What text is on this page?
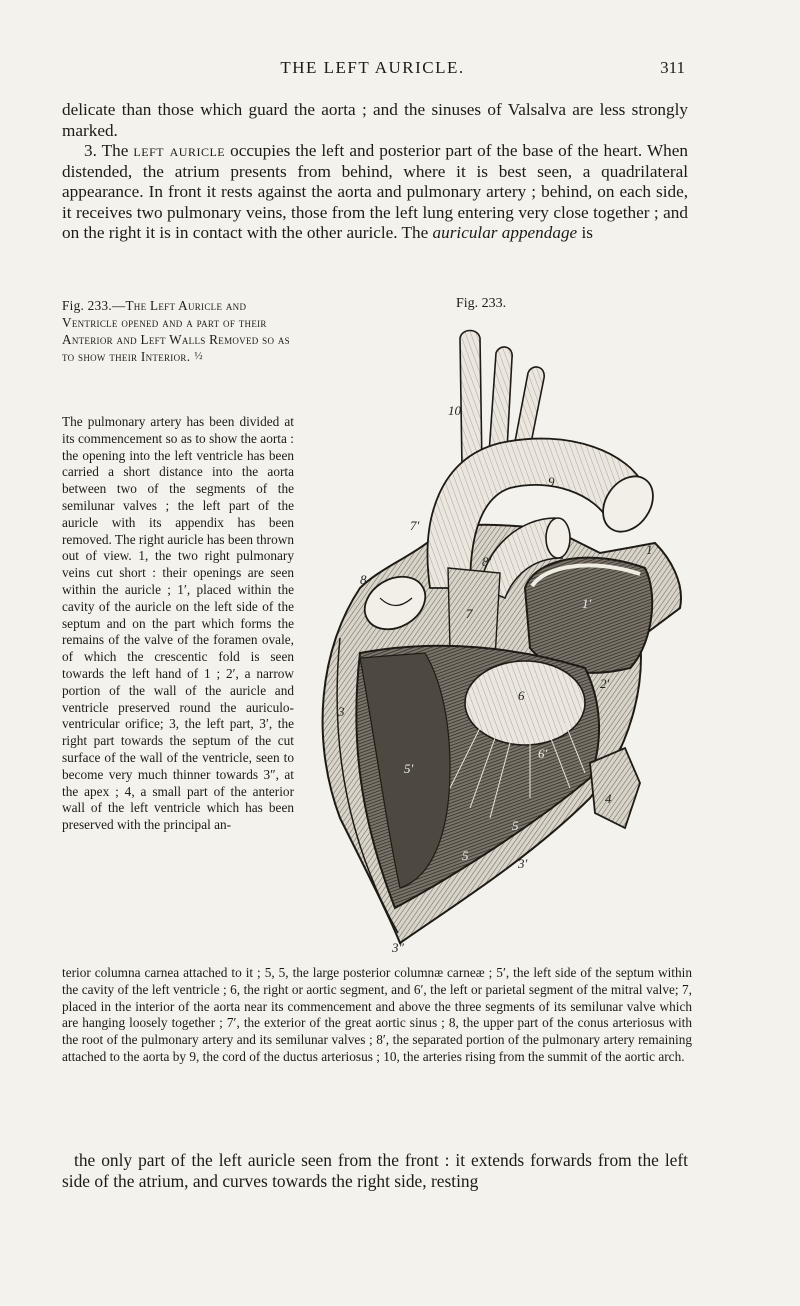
THE LEFT AURICLE.	311

delicate than those which guard the aorta ; and the sinuses of Valsalva are less strongly marked.

3. The left auricle occupies the left and posterior part of the base of the heart. When distended, the atrium presents from behind, where it is best seen, a quadrilateral appearance. In front it rests against the aorta and pulmonary artery ; behind, on each side, it receives two pulmonary veins, those from the left lung entering very close together ; and on the right it is in contact with the other auricle. The auricular appendage is

Fig. 233.—The Left Auricle and Ventricle opened and a part of their Anterior and Left Walls Removed so as to show their Interior. ½

The pulmonary artery has been divided at its commencement so as to show the aorta : the opening into the left ventricle has been carried a short distance into the aorta between two of the segments of the semilunar valves ; the left part of the auricle with its appendix has been removed. The right auricle has been thrown out of view. 1, the two right pulmonary veins cut short : their openings are seen within the auricle ; 1′, placed within the cavity of the auricle on the left side of the septum and on the part which forms the remains of the valve of the foramen ovale, of which the crescentic fold is seen towards the left hand of 1 ; 2′, a narrow portion of the wall of the auricle and ventricle preserved round the auriculo-ventricular orifice; 3, the left part, 3′, the right part towards the septum of the cut surface of the wall of the ventricle, seen to become very much thinner towards 3″, at the apex ; 4, a small part of the anterior wall of the left ventricle which has been preserved with the principal an-

Fig. 233.
10
9
7′
8′
1
1′
8
7
2′
6
3
5′
6′
4
5
5
3′
3″

terior columna carnea attached to it ; 5, 5, the large posterior columnæ carneæ ; 5′, the left side of the septum within the cavity of the left ventricle ; 6, the right or aortic segment, and 6′, the left or parietal segment of the mitral valve; 7, placed in the interior of the aorta near its commencement and above the three segments of its semilunar valve which are hanging loosely together ; 7′, the exterior of the great aortic sinus ; 8, the upper part of the conus arteriosus with the root of the pulmonary artery and its semilunar valves ; 8′, the separated portion of the pulmonary artery remaining attached to the aorta by 9, the cord of the ductus arteriosus ; 10, the arteries rising from the summit of the aortic arch.

the only part of the left auricle seen from the front : it extends forwards from the left side of the atrium, and curves towards the right side, resting
